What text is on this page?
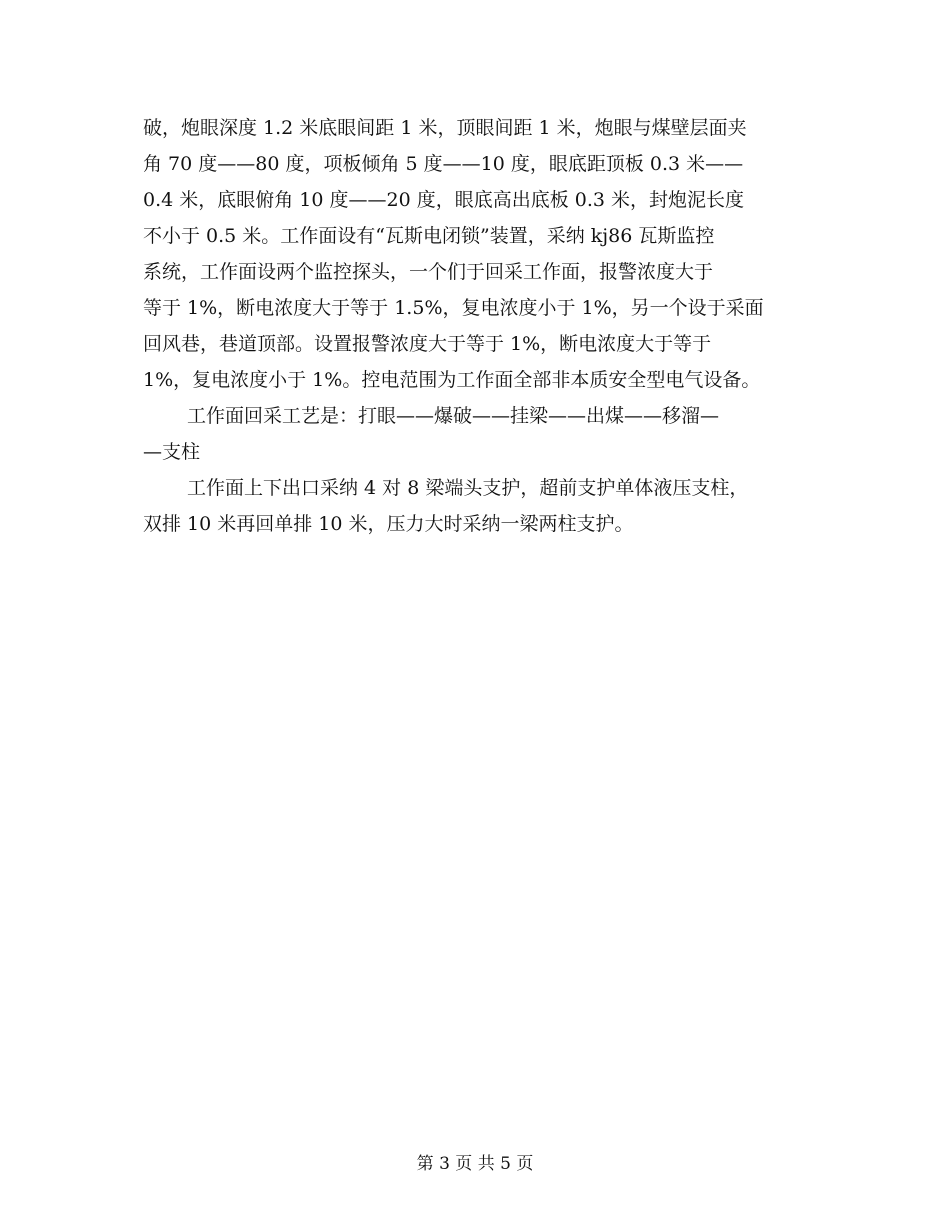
破，炮眼深度 1.2 米底眼间距 1 米，顶眼间距 1 米，炮眼与煤壁层面夹
角 70 度——80 度，项板倾角 5 度——10 度，眼底距顶板 0.3 米——
0.4 米，底眼俯角 10 度——20 度，眼底高出底板 0.3 米，封炮泥长度
不小于 0.5 米。工作面设有“瓦斯电闭锁”装置，采纳 kj86 瓦斯监控
系统，工作面设两个监控探头，一个们于回采工作面，报警浓度大于
等于 1%，断电浓度大于等于 1.5%，复电浓度小于 1%，另一个设于采面
回风巷，巷道顶部。设置报警浓度大于等于 1%，断电浓度大于等于
1%，复电浓度小于 1%。控电范围为工作面全部非本质安全型电气设备。
工作面回采工艺是：打眼——爆破——挂梁——出煤——移溜—
—支柱
工作面上下出口采纳 4 对 8 梁端头支护，超前支护单体液压支柱，
双排 10 米再回单排 10 米，压力大时采纳一梁两柱支护。
第 3 页 共 5 页
